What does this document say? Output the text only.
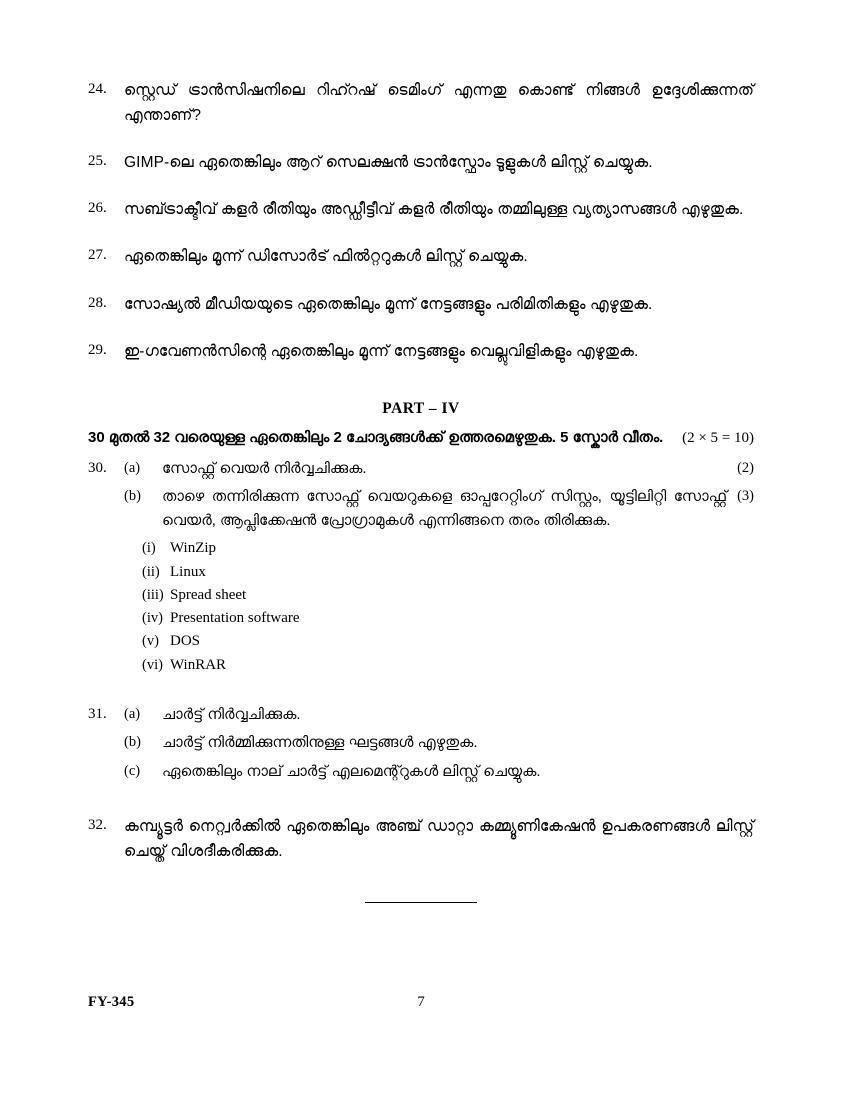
24.	സ്റ്റെഡ് ട്രാൻസിഷനിലെ റിഹ്റഷ് ടെമിംഗ് എന്നതു കൊണ്ട് നിങ്ങൾ ഉദ്ദേശിക്കുന്നത് എന്താണ്?
25.	GIMP-ലെ ഏതെങ്കിലും ആറ് സെലക്ഷൻ ട്രാൻസ്ഫോം ടൂളുകൾ ലിസ്റ്റ് ചെയ്യുക.
26.	സബ്ട്രാക്ടീവ് കളർ രീതിയും അഡ്ഡീട്ടീവ് കളർ രീതിയും തമ്മിലുള്ള വ്യത്യാസങ്ങൾ എഴുതുക.
27.	ഏതെങ്കിലും മൂന്ന് ഡിസോർട് ഫിൽറ്ററുകൾ ലിസ്റ്റ് ചെയ്യുക.
28.	സോഷ്യൽ മീഡിയയുടെ ഏതെങ്കിലും മൂന്ന് നേട്ടങ്ങളും പരിമിതികളും എഴുതുക.
29.	ഇ-ഗവേണൻസിന്റെ ഏതെങ്കിലും മൂന്ന് നേട്ടങ്ങളും വെല്ലുവിളികളും എഴുതുക.
PART – IV
(2 × 5 = 10)
30 മുതൽ 32 വരെയുള്ള ഏതെങ്കിലും 2 ചോദ്യങ്ങൾക്ക് ഉത്തരമെഴുതുക. 5 സ്കോർ വീതം.
30.	(a)	(2)
സോഫ്റ്റ് വെയർ നിർവ്വചിക്കുക.
(b)	(3)
താഴെ തന്നിരിക്കുന്ന സോഫ്റ്റ് വെയറുകളെ ഓപ്പറേറ്റിംഗ് സിസ്റ്റം, യൂട്ടിലിറ്റി സോഫ്റ്റ് വെയർ, ആപ്ലിക്കേഷൻ പ്രോഗ്രാമുകൾ എന്നിങ്ങനെ തരം തിരിക്കുക.
(i) WinZip
(ii) Linux
(iii) Spread sheet
(iv) Presentation software
(v) DOS
(vi) WinRAR
31.	(a)	ചാർട്ട് നിർവ്വചിക്കുക.
(b)	ചാർട്ട് നിർമ്മിക്കുന്നതിനുള്ള ഘട്ടങ്ങൾ എഴുതുക.
(c)	ഏതെങ്കിലും നാല് ചാർട്ട് എലമെന്റ്റുകൾ ലിസ്റ്റ് ചെയ്യുക.
32.	കമ്പ്യൂട്ടർ നെറ്റ്വർക്കിൽ ഏതെങ്കിലും അഞ്ച് ഡാറ്റാ കമ്മ്യൂണികേഷൻ ഉപകരണങ്ങൾ ലിസ്റ്റ് ചെയ്ത് വിശദീകരിക്കുക.
FY-345	7
